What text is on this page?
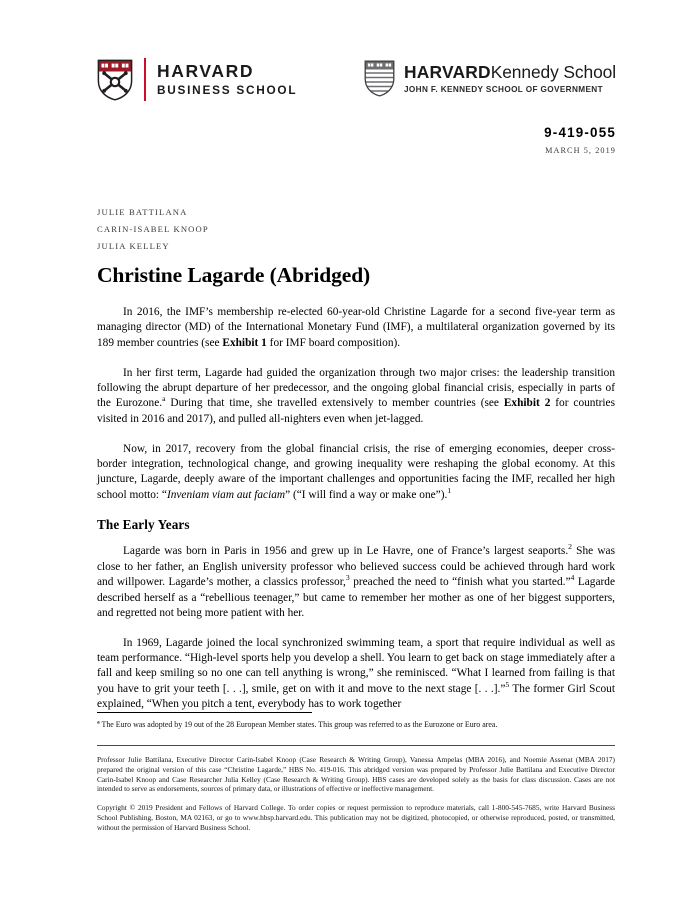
HARVARD
BUSINESS SCHOOL
HARVARDKennedy School
JOHN F. KENNEDY SCHOOL OF GOVERNMENT
9-419-055
MARCH 5, 2019
JULIE BATTILANA
CARIN-ISABEL KNOOP
JULIA KELLEY
Christine Lagarde (Abridged)

In 2016, the IMF’s membership re-elected 60-year-old Christine Lagarde for a second five-year term as managing director (MD) of the International Monetary Fund (IMF), a multilateral organization governed by its 189 member countries (see Exhibit 1 for IMF board composition).

In her first term, Lagarde had guided the organization through two major crises: the leadership transition following the abrupt departure of her predecessor, and the ongoing global financial crisis, especially in parts of the Eurozone.$^a$ During that time, she travelled extensively to member countries (see Exhibit 2 for countries visited in 2016 and 2017), and pulled all-nighters even when jet-lagged.

Now, in 2017, recovery from the global financial crisis, the rise of emerging economies, deeper cross-border integration, technological change, and growing inequality were reshaping the global economy. At this juncture, Lagarde, deeply aware of the important challenges and opportunities facing the IMF, recalled her high school motto: “Inveniam viam aut faciam” (“I will find a way or make one”).$^1$

The Early Years

Lagarde was born in Paris in 1956 and grew up in Le Havre, one of France’s largest seaports.$^2$ She was close to her father, an English university professor who believed success could be achieved through hard work and willpower. Lagarde’s mother, a classics professor,$^3$ preached the need to “finish what you started.”$^4$ Lagarde described herself as a “rebellious teenager,” but came to remember her mother as one of her biggest supporters, and regretted not being more patient with her.

In 1969, Lagarde joined the local synchronized swimming team, a sport that require individual as well as team performance. “High-level sports help you develop a shell. You learn to get back on stage immediately after a fall and keep smiling so no one can tell anything is wrong,” she reminisced. “What I learned from failing is that you have to grit your teeth [. . .], smile, get on with it and move to the next stage [. . .].”$^5$ The former Girl Scout explained, “When you pitch a tent, everybody has to work together

$^a$ The Euro was adopted by 19 out of the 28 European Member states. This group was referred to as the Eurozone or Euro area.

Professor Julie Battilana, Executive Director Carin-Isabel Knoop (Case Research & Writing Group), Vanessa Ampelas (MBA 2016), and Noemie Assenat (MBA 2017) prepared the original version of this case “Christine Lagarde,” HBS No. 419-016. This abridged version was prepared by Professor Julie Battilana and Executive Director Carin-Isabel Knoop and Case Researcher Julia Kelley (Case Research & Writing Group). HBS cases are developed solely as the basis for class discussion. Cases are not intended to serve as endorsements, sources of primary data, or illustrations of effective or ineffective management.

Copyright © 2019 President and Fellows of Harvard College. To order copies or request permission to reproduce materials, call 1-800-545-7685, write Harvard Business School Publishing, Boston, MA 02163, or go to www.hbsp.harvard.edu. This publication may not be digitized, photocopied, or otherwise reproduced, posted, or transmitted, without the permission of Harvard Business School.
